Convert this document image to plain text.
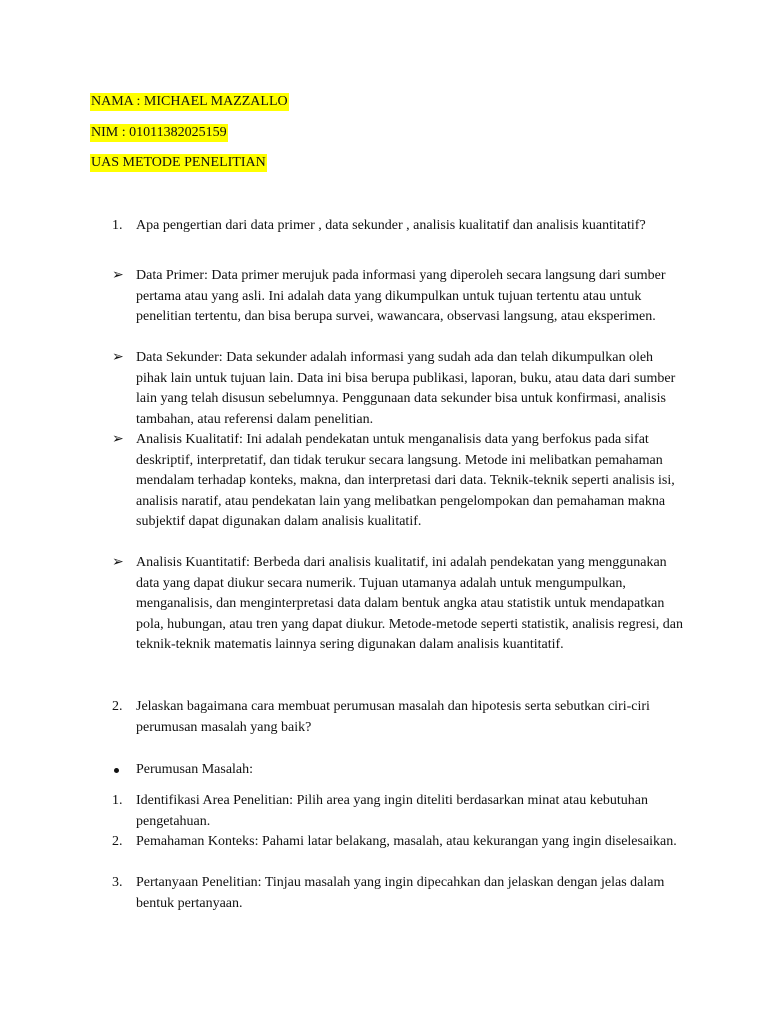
NAMA : MICHAEL MAZZALLO
NIM : 01011382025159
UAS METODE PENELITIAN
1. Apa pengertian dari data primer , data sekunder , analisis kualitatif dan analisis kuantitatif?
➢ Data Primer: Data primer merujuk pada informasi yang diperoleh secara langsung dari sumber pertama atau yang asli. Ini adalah data yang dikumpulkan untuk tujuan tertentu atau untuk penelitian tertentu, dan bisa berupa survei, wawancara, observasi langsung, atau eksperimen.
➢ Data Sekunder: Data sekunder adalah informasi yang sudah ada dan telah dikumpulkan oleh pihak lain untuk tujuan lain. Data ini bisa berupa publikasi, laporan, buku, atau data dari sumber lain yang telah disusun sebelumnya. Penggunaan data sekunder bisa untuk konfirmasi, analisis tambahan, atau referensi dalam penelitian.
➢ Analisis Kualitatif: Ini adalah pendekatan untuk menganalisis data yang berfokus pada sifat deskriptif, interpretatif, dan tidak terukur secara langsung. Metode ini melibatkan pemahaman mendalam terhadap konteks, makna, dan interpretasi dari data. Teknik-teknik seperti analisis isi, analisis naratif, atau pendekatan lain yang melibatkan pengelompokan dan pemahaman makna subjektif dapat digunakan dalam analisis kualitatif.
➢ Analisis Kuantitatif: Berbeda dari analisis kualitatif, ini adalah pendekatan yang menggunakan data yang dapat diukur secara numerik. Tujuan utamanya adalah untuk mengumpulkan, menganalisis, dan menginterpretasi data dalam bentuk angka atau statistik untuk mendapatkan pola, hubungan, atau tren yang dapat diukur. Metode-metode seperti statistik, analisis regresi, dan teknik-teknik matematis lainnya sering digunakan dalam analisis kuantitatif.
2. Jelaskan bagaimana cara membuat perumusan masalah dan hipotesis serta sebutkan ciri-ciri perumusan masalah yang baik?
Perumusan Masalah:
1. Identifikasi Area Penelitian: Pilih area yang ingin diteliti berdasarkan minat atau kebutuhan pengetahuan.
2. Pemahaman Konteks: Pahami latar belakang, masalah, atau kekurangan yang ingin diselesaikan.
3. Pertanyaan Penelitian: Tinjau masalah yang ingin dipecahkan dan jelaskan dengan jelas dalam bentuk pertanyaan.
